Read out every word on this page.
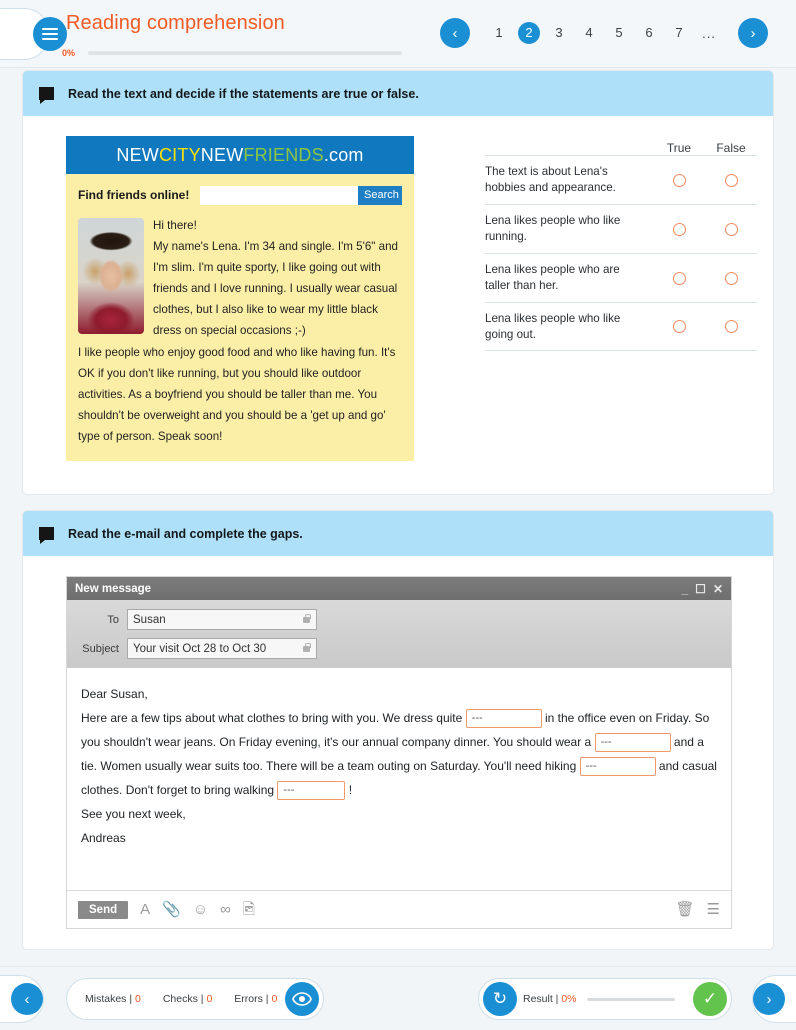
Reading comprehension
0%
‹	1	2	3	4	5	6	7	...	›
Read the text and decide if the statements are true or false.
NEW CITY NEW FRIENDS .com
Find friends online!	Search

Hi there!

My name's Lena. I'm 34 and single. I'm 5'6" and I'm slim. I'm quite sporty, I like going out with friends and I love running. I usually wear casual clothes, but I also like to wear my little black dress on special occasions ;-)

I like people who enjoy good food and who like having fun. It's OK if you don't like running, but you should like outdoor activities. As a boyfriend you should be taller than me. You shouldn't be overweight and you should be a 'get up and go' type of person. Speak soon!

True	False
The text is about Lena's hobbies and appearance.
Lena likes people who like running.
Lena likes people who are taller than her.
Lena likes people who like going out.
Read the e-mail and complete the gaps.
New message	_ ☐ ✕
To	Susan
Subject	Your visit Oct 28 to Oct 30
Dear Susan,
Here are a few tips about what clothes to bring with you. We dress quite ---	in the office even on Friday. So you shouldn't wear jeans. On Friday evening, it's our annual company dinner. You should wear a ---	and a tie. Women usually wear suits too. There will be a team outing on Saturday. You'll need hiking ---	and casual clothes. Don't forget to bring walking ---	!
See you next week,
Andreas
Send	A 📎 ☺ ∞ 🖻	🗑 ☰
‹	Mistakes | 0 Checks | 0 Errors | 0	↻	Result | 0%	✓	›
